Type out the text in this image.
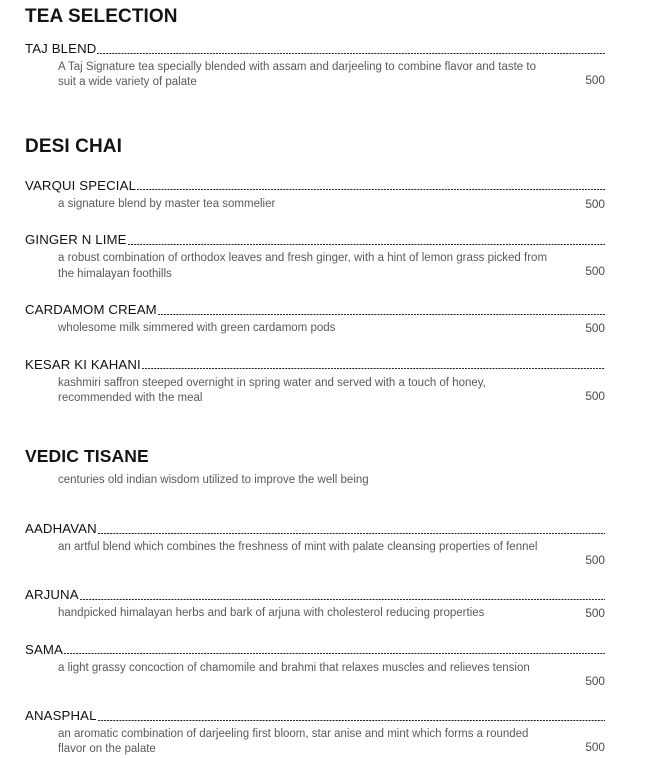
TEA SELECTION
TAJ BLEND
A Taj Signature tea specially blended with assam and darjeeling to combine flavor and taste to suit a wide variety of palate	500
DESI CHAI
VARQUI SPECIAL
a signature blend by master tea sommelier	500
GINGER N LIME
a robust combination of orthodox leaves and fresh ginger, with a hint of lemon grass picked from the himalayan foothills	500
CARDAMOM CREAM
wholesome milk simmered with green cardamom pods	500
KESAR KI KAHANI
kashmiri saffron steeped overnight in spring water and served with a touch of honey, recommended with the meal	500
VEDIC TISANE
centuries old indian wisdom utilized to improve the well being
AADHAVAN
an artful blend which combines the freshness of mint with palate cleansing properties of fennel
500
ARJUNA
handpicked himalayan herbs and bark of arjuna with cholesterol reducing properties	500
SAMA
a light grassy concoction of chamomile and brahmi that relaxes muscles and relieves tension
500
ANASPHAL
an aromatic combination of darjeeling first bloom, star anise and mint which forms a rounded flavor on the palate	500
